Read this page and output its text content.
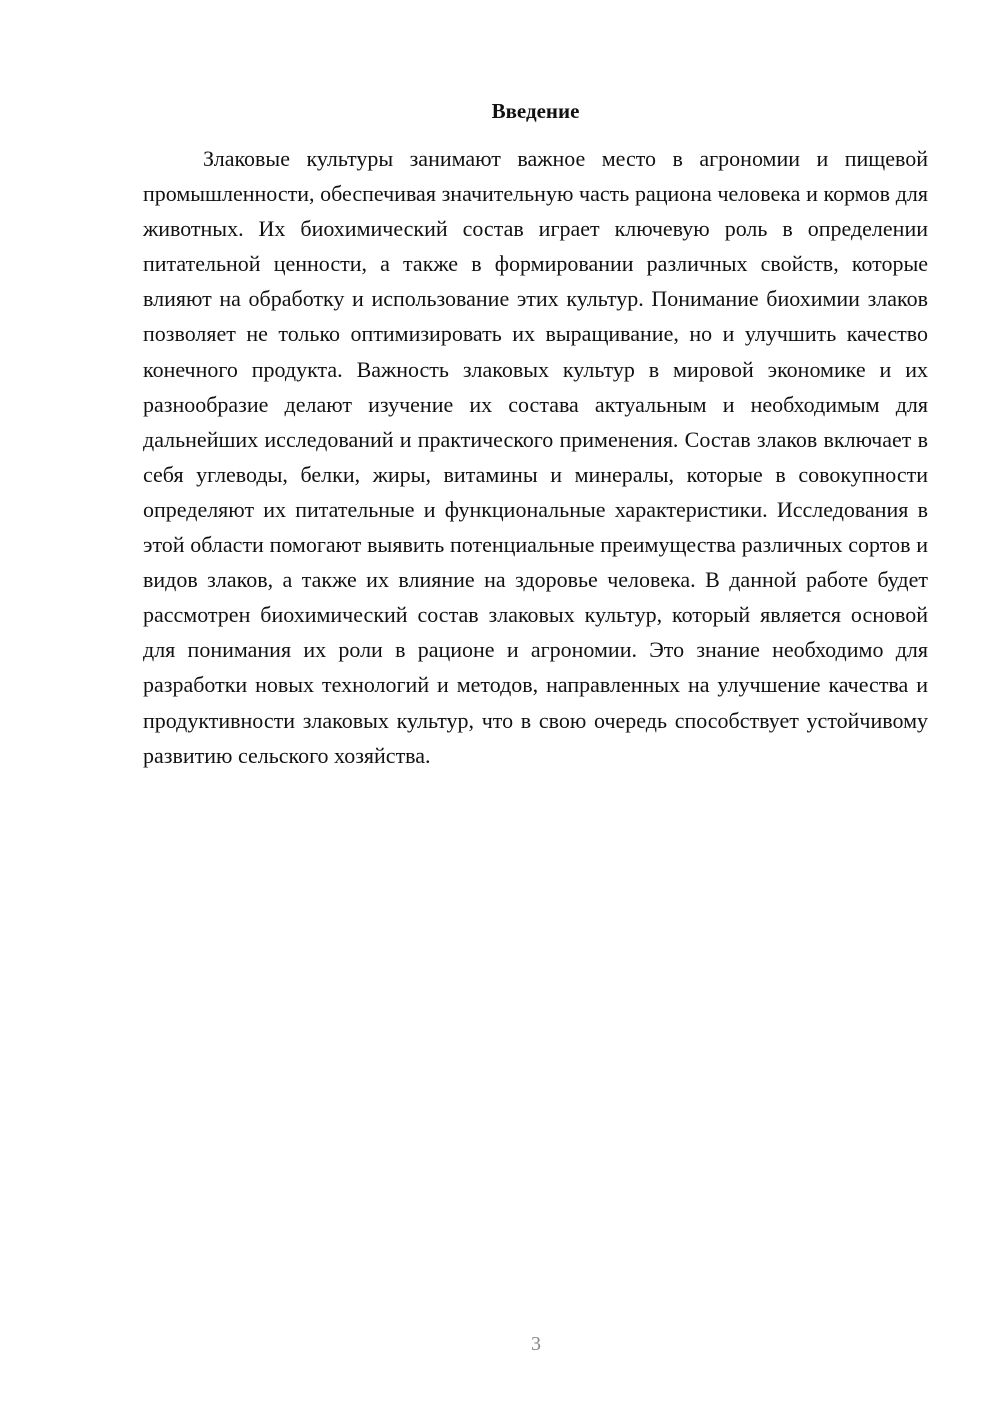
Введение

Злаковые культуры занимают важное место в агрономии и пищевой промышленности, обеспечивая значительную часть рациона человека и кормов для животных. Их биохимический состав играет ключевую роль в определении питательной ценности, а также в формировании различных свойств, которые влияют на обработку и использование этих культур. Понимание биохимии злаков позволяет не только оптимизировать их выращивание, но и улучшить качество конечного продукта. Важность злаковых культур в мировой экономике и их разнообразие делают изучение их состава актуальным и необходимым для дальнейших исследований и практического применения. Состав злаков включает в себя углеводы, белки, жиры, витамины и минералы, которые в совокупности определяют их питательные и функциональные характеристики. Исследования в этой области помогают выявить потенциальные преимущества различных сортов и видов злаков, а также их влияние на здоровье человека. В данной работе будет рассмотрен биохимический состав злаковых культур, который является основой для понимания их роли в рационе и агрономии. Это знание необходимо для разработки новых технологий и методов, направленных на улучшение качества и продуктивности злаковых культур, что в свою очередь способствует устойчивому развитию сельского хозяйства.

3
